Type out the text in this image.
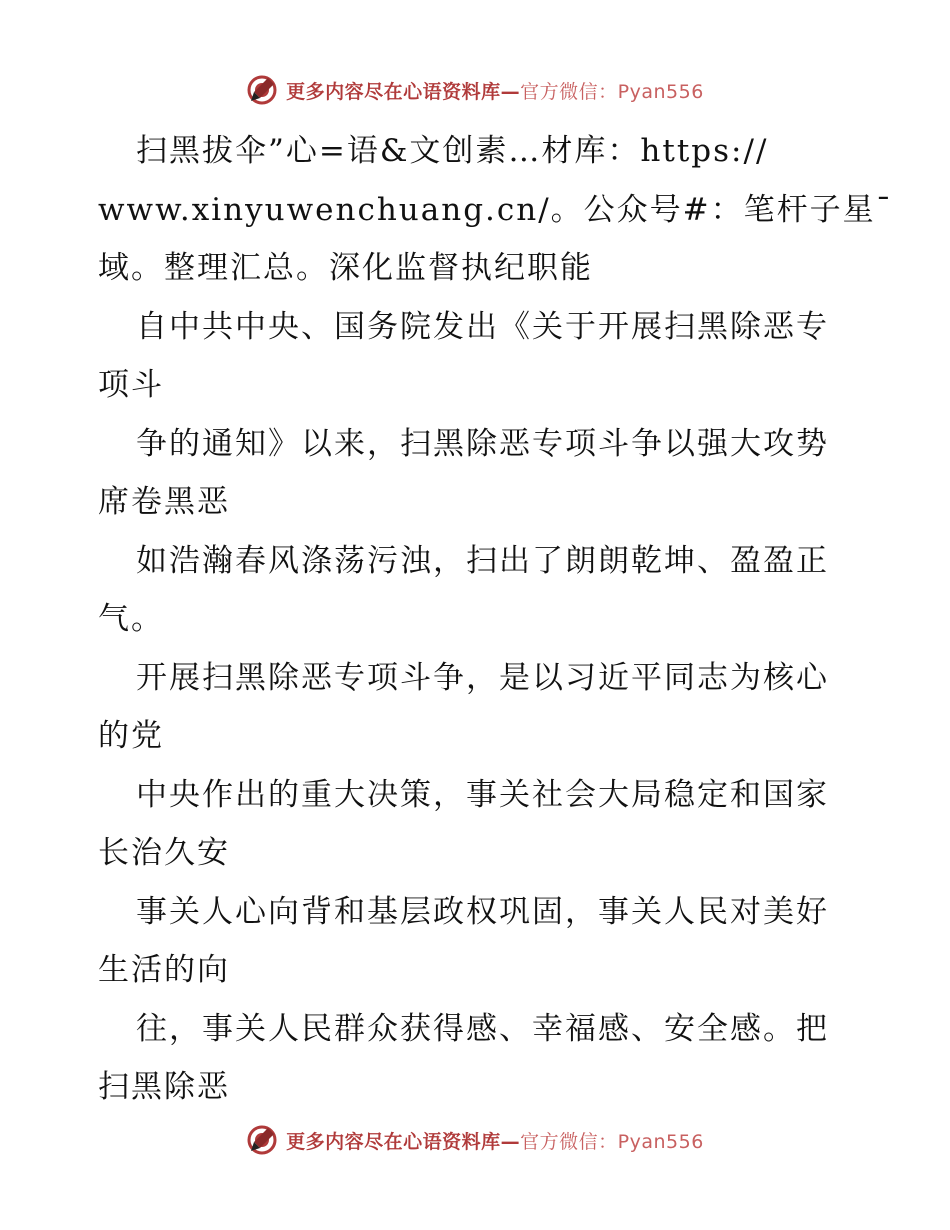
更多内容尽在心语资料库—官方微信：Pyan556
扫黑拔伞”心=语&文创素…材库：https://
www.xinyuwenchuang.cn/。公众号#：笔杆子星¯
域。整理汇总。深化监督执纪职能
自中共中央、国务院发出《关于开展扫黑除恶专
项斗
争的通知》以来，扫黑除恶专项斗争以强大攻势
席卷黑恶
如浩瀚春风涤荡污浊，扫出了朗朗乾坤、盈盈正
气。
开展扫黑除恶专项斗争，是以习近平同志为核心
的党
中央作出的重大决策，事关社会大局稳定和国家
长治久安
事关人心向背和基层政权巩固，事关人民对美好
生活的向
往，事关人民群众获得感、幸福感、安全感。把
扫黑除恶
更多内容尽在心语资料库—官方微信：Pyan556
